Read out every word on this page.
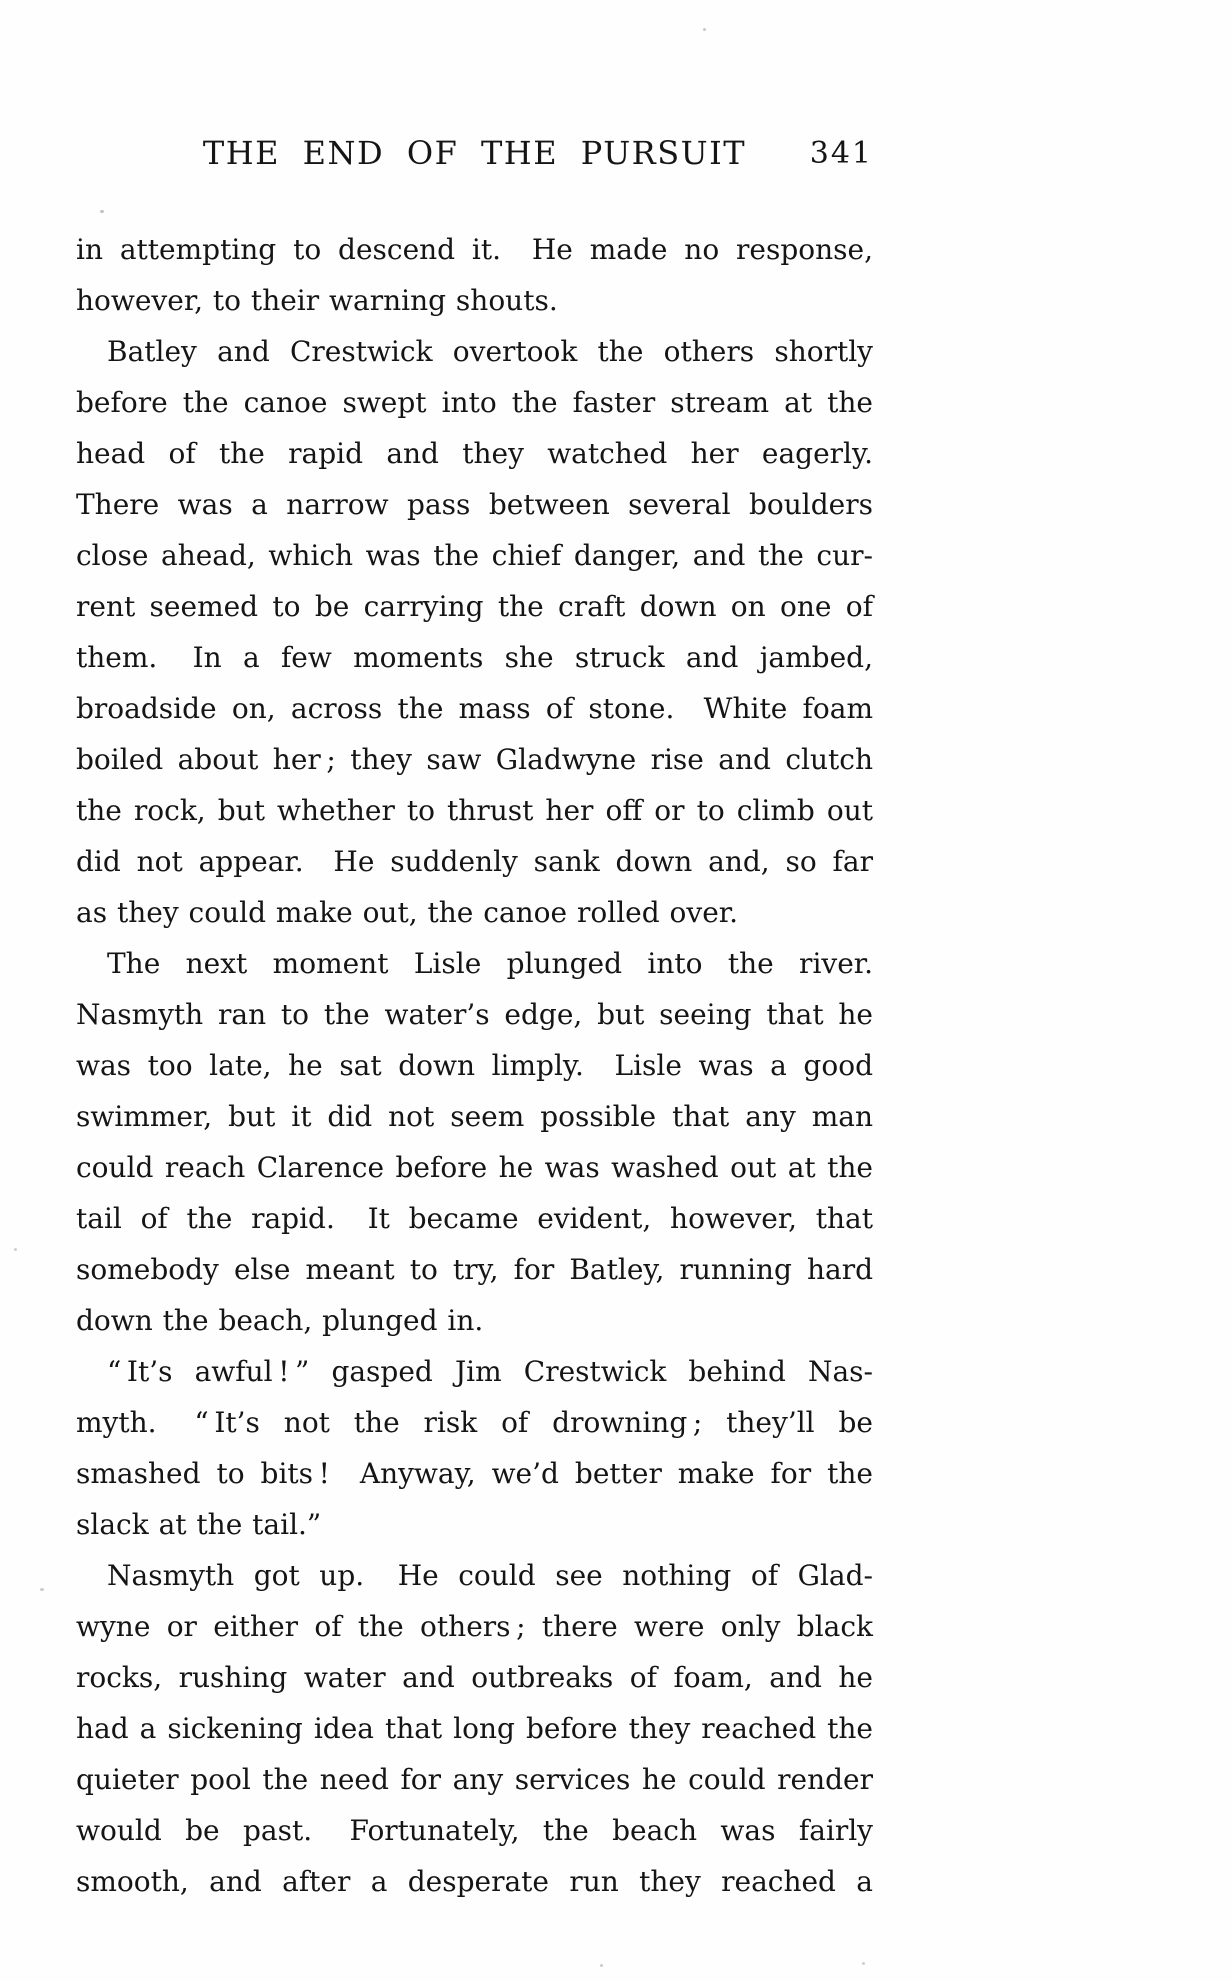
THE END OF THE PURSUIT	341
in attempting to descend it.  He made no response,
however, to their warning shouts.
Batley and Crestwick overtook the others shortly
before the canoe swept into the faster stream at the
head of the rapid and they watched her eagerly.
There was a narrow pass between several boulders
close ahead, which was the chief danger, and the cur-
rent seemed to be carrying the craft down on one of
them.  In a few moments she struck and jambed,
broadside on, across the mass of stone.  White foam
boiled about her ; they saw Gladwyne rise and clutch
the rock, but whether to thrust her off or to climb out
did not appear.  He suddenly sank down and, so far
as they could make out, the canoe rolled over.
The next moment Lisle plunged into the river.
Nasmyth ran to the water’s edge, but seeing that he
was too late, he sat down limply.  Lisle was a good
swimmer, but it did not seem possible that any man
could reach Clarence before he was washed out at the
tail of the rapid.  It became evident, however, that
somebody else meant to try, for Batley, running hard
down the beach, plunged in.
“ It’s awful ! ” gasped Jim Crestwick behind Nas-
myth.  “ It’s not the risk of drowning ; they’ll be
smashed to bits !  Anyway, we’d better make for the
slack at the tail.”
Nasmyth got up.  He could see nothing of Glad-
wyne or either of the others ; there were only black
rocks, rushing water and outbreaks of foam, and he
had a sickening idea that long before they reached the
quieter pool the need for any services he could render
would be past.  Fortunately, the beach was fairly
smooth, and after a desperate run they reached a
